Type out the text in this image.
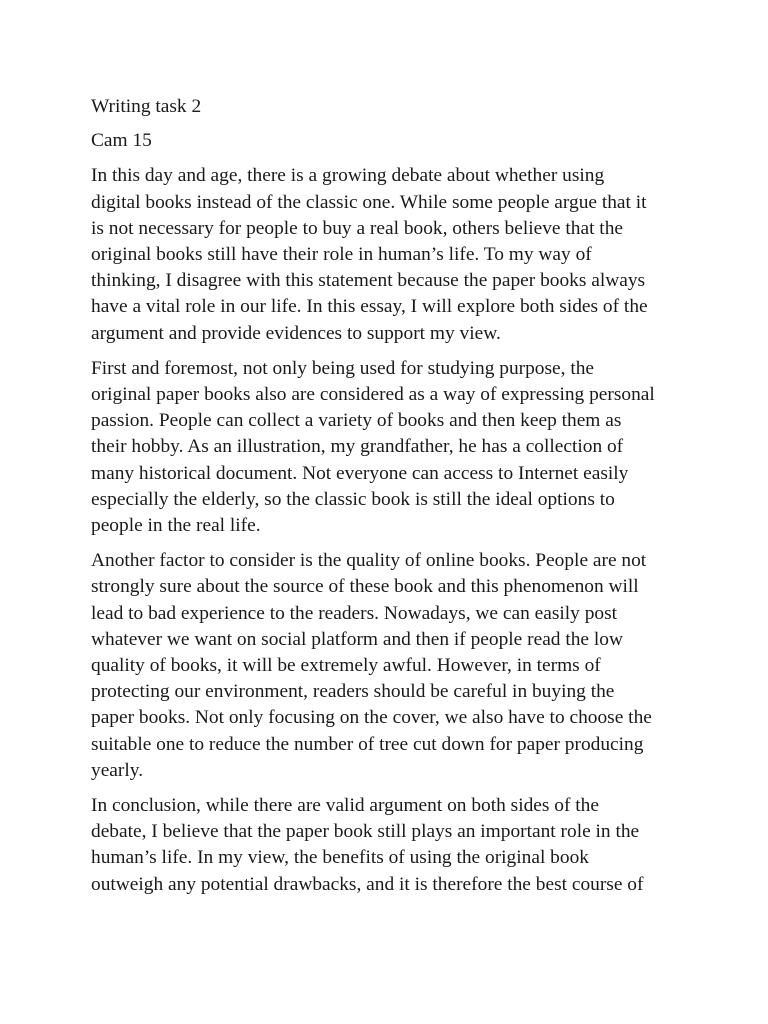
Writing task 2

Cam 15

In this day and age, there is a growing debate about whether using
digital books instead of the classic one. While some people argue that it
is not necessary for people to buy a real book, others believe that the
original books still have their role in human’s life. To my way of
thinking, I disagree with this statement because the paper books always
have a vital role in our life. In this essay, I will explore both sides of the
argument and provide evidences to support my view.
First and foremost, not only being used for studying purpose, the
original paper books also are considered as a way of expressing personal
passion. People can collect a variety of books and then keep them as
their hobby. As an illustration, my grandfather, he has a collection of
many historical document. Not everyone can access to Internet easily
especially the elderly, so the classic book is still the ideal options to
people in the real life.
Another factor to consider is the quality of online books. People are not
strongly sure about the source of these book and this phenomenon will
lead to bad experience to the readers. Nowadays, we can easily post
whatever we want on social platform and then if people read the low
quality of books, it will be extremely awful. However, in terms of
protecting our environment, readers should be careful in buying the
paper books. Not only focusing on the cover, we also have to choose the
suitable one to reduce the number of tree cut down for paper producing
yearly.
In conclusion, while there are valid argument on both sides of the
debate, I believe that the paper book still plays an important role in the
human’s life. In my view, the benefits of using the original book
outweigh any potential drawbacks, and it is therefore the best course of
